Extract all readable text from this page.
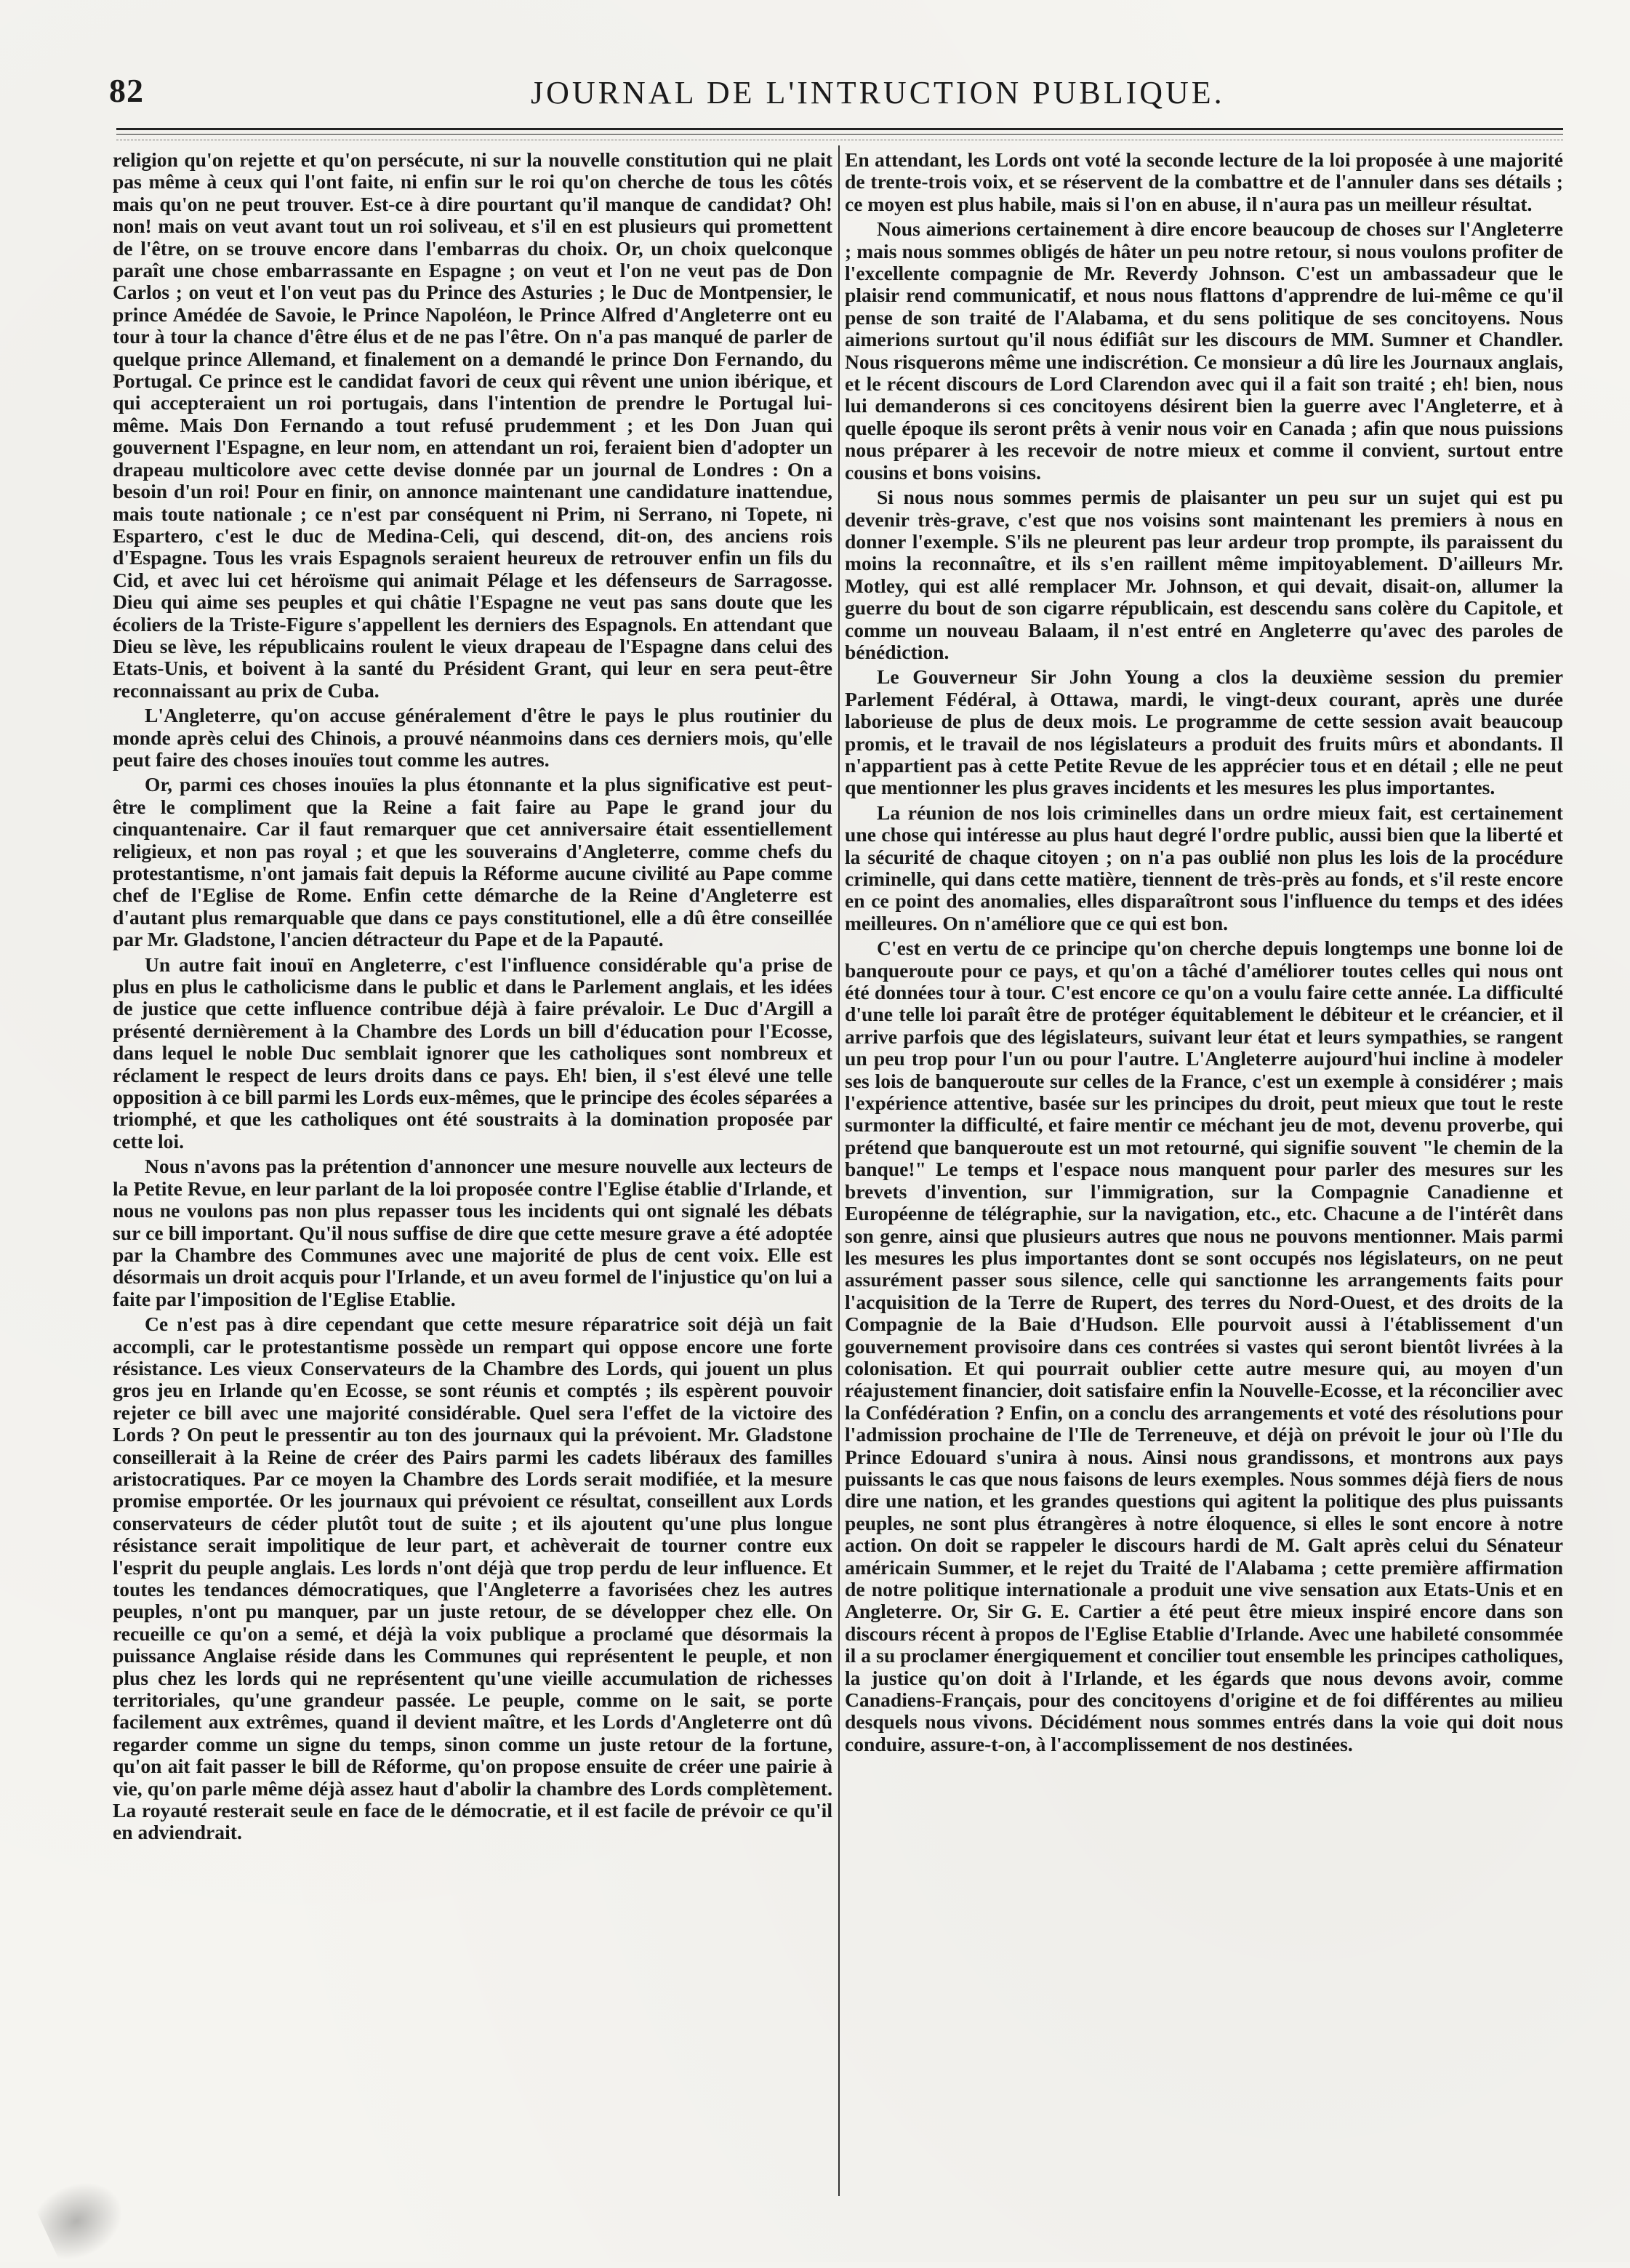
82	JOURNAL DE L'INTRUCTION PUBLIQUE.

religion qu'on rejette et qu'on persécute, ni sur la nouvelle constitution qui ne plait pas même à ceux qui l'ont faite, ni enfin sur le roi qu'on cherche de tous les côtés mais qu'on ne peut trouver. Est-ce à dire pourtant qu'il manque de candidat? Oh! non! mais on veut avant tout un roi soliveau, et s'il en est plusieurs qui promettent de l'être, on se trouve encore dans l'embarras du choix. Or, un choix quelconque paraît une chose embarrassante en Espagne ; on veut et l'on ne veut pas de Don Carlos ; on veut et l'on veut pas du Prince des Asturies ; le Duc de Montpensier, le prince Amédée de Savoie, le Prince Napoléon, le Prince Alfred d'Angleterre ont eu tour à tour la chance d'être élus et de ne pas l'être. On n'a pas manqué de parler de quelque prince Allemand, et finalement on a demandé le prince Don Fernando, du Portugal. Ce prince est le candidat favori de ceux qui rêvent une union ibérique, et qui accepteraient un roi portugais, dans l'intention de prendre le Portugal lui-même. Mais Don Fernando a tout refusé prudemment ; et les Don Juan qui gouvernent l'Espagne, en leur nom, en attendant un roi, feraient bien d'adopter un drapeau multicolore avec cette devise donnée par un journal de Londres : On a besoin d'un roi! Pour en finir, on annonce maintenant une candidature inattendue, mais toute nationale ; ce n'est par conséquent ni Prim, ni Serrano, ni Topete, ni Espartero, c'est le duc de Medina-Celi, qui descend, dit-on, des anciens rois d'Espagne. Tous les vrais Espagnols seraient heureux de retrouver enfin un fils du Cid, et avec lui cet héroïsme qui animait Pélage et les défenseurs de Sarragosse. Dieu qui aime ses peuples et qui châtie l'Espagne ne veut pas sans doute que les écoliers de la Triste-Figure s'appellent les derniers des Espagnols. En attendant que Dieu se lève, les républicains roulent le vieux drapeau de l'Espagne dans celui des Etats-Unis, et boivent à la santé du Président Grant, qui leur en sera peut-être reconnaissant au prix de Cuba.

L'Angleterre, qu'on accuse généralement d'être le pays le plus routinier du monde après celui des Chinois, a prouvé néanmoins dans ces derniers mois, qu'elle peut faire des choses inouïes tout comme les autres.

Or, parmi ces choses inouïes la plus étonnante et la plus significative est peut-être le compliment que la Reine a fait faire au Pape le grand jour du cinquantenaire. Car il faut remarquer que cet anniversaire était essentiellement religieux, et non pas royal ; et que les souverains d'Angleterre, comme chefs du protestantisme, n'ont jamais fait depuis la Réforme aucune civilité au Pape comme chef de l'Eglise de Rome. Enfin cette démarche de la Reine d'Angleterre est d'autant plus remarquable que dans ce pays constitutionel, elle a dû être conseillée par Mr. Gladstone, l'ancien détracteur du Pape et de la Papauté.

Un autre fait inouï en Angleterre, c'est l'influence considérable qu'a prise de plus en plus le catholicisme dans le public et dans le Parlement anglais, et les idées de justice que cette influence contribue déjà à faire prévaloir. Le Duc d'Argill a présenté dernièrement à la Chambre des Lords un bill d'éducation pour l'Ecosse, dans lequel le noble Duc semblait ignorer que les catholiques sont nombreux et réclament le respect de leurs droits dans ce pays. Eh! bien, il s'est élevé une telle opposition à ce bill parmi les Lords eux-mêmes, que le principe des écoles séparées a triomphé, et que les catholiques ont été soustraits à la domination proposée par cette loi.

Nous n'avons pas la prétention d'annoncer une mesure nouvelle aux lecteurs de la Petite Revue, en leur parlant de la loi proposée contre l'Eglise établie d'Irlande, et nous ne voulons pas non plus repasser tous les incidents qui ont signalé les débats sur ce bill important. Qu'il nous suffise de dire que cette mesure grave a été adoptée par la Chambre des Communes avec une majorité de plus de cent voix. Elle est désormais un droit acquis pour l'Irlande, et un aveu formel de l'injustice qu'on lui a faite par l'imposition de l'Eglise Etablie.

Ce n'est pas à dire cependant que cette mesure réparatrice soit déjà un fait accompli, car le protestantisme possède un rempart qui oppose encore une forte résistance. Les vieux Conservateurs de la Chambre des Lords, qui jouent un plus gros jeu en Irlande qu'en Ecosse, se sont réunis et comptés ; ils espèrent pouvoir rejeter ce bill avec une majorité considérable. Quel sera l'effet de la victoire des Lords ? On peut le pressentir au ton des journaux qui la prévoient. Mr. Gladstone conseillerait à la Reine de créer des Pairs parmi les cadets libéraux des familles aristocratiques. Par ce moyen la Chambre des Lords serait modifiée, et la mesure promise emportée. Or les journaux qui prévoient ce résultat, conseillent aux Lords conservateurs de céder plutôt tout de suite ; et ils ajoutent qu'une plus longue résistance serait impolitique de leur part, et achèverait de tourner contre eux l'esprit du peuple anglais. Les lords n'ont déjà que trop perdu de leur influence. Et toutes les tendances démocratiques, que l'Angleterre a favorisées chez les autres peuples, n'ont pu manquer, par un juste retour, de se développer chez elle. On recueille ce qu'on a semé, et déjà la voix publique a proclamé que désormais la puissance Anglaise réside dans les Communes qui représentent le peuple, et non plus chez les lords qui ne représentent qu'une vieille accumulation de richesses territoriales, qu'une grandeur passée. Le peuple, comme on le sait, se porte facilement aux extrêmes, quand il devient maître, et les Lords d'Angleterre ont dû regarder comme un signe du temps, sinon comme un juste retour de la fortune, qu'on ait fait passer le bill de Réforme, qu'on propose ensuite de créer une pairie à vie, qu'on parle même déjà assez haut d'abolir la chambre des Lords complètement. La royauté resterait seule en face de le démocratie, et il est facile de prévoir ce qu'il en adviendrait.

En attendant, les Lords ont voté la seconde lecture de la loi proposée à une majorité de trente-trois voix, et se réservent de la combattre et de l'annuler dans ses détails ; ce moyen est plus habile, mais si l'on en abuse, il n'aura pas un meilleur résultat.

Nous aimerions certainement à dire encore beaucoup de choses sur l'Angleterre ; mais nous sommes obligés de hâter un peu notre retour, si nous voulons profiter de l'excellente compagnie de Mr. Reverdy Johnson. C'est un ambassadeur que le plaisir rend communicatif, et nous nous flattons d'apprendre de lui-même ce qu'il pense de son traité de l'Alabama, et du sens politique de ses concitoyens. Nous aimerions surtout qu'il nous édifiât sur les discours de MM. Sumner et Chandler. Nous risquerons même une indiscrétion. Ce monsieur a dû lire les Journaux anglais, et le récent discours de Lord Clarendon avec qui il a fait son traité ; eh! bien, nous lui demanderons si ces concitoyens désirent bien la guerre avec l'Angleterre, et à quelle époque ils seront prêts à venir nous voir en Canada ; afin que nous puissions nous préparer à les recevoir de notre mieux et comme il convient, surtout entre cousins et bons voisins.

Si nous nous sommes permis de plaisanter un peu sur un sujet qui est pu devenir très-grave, c'est que nos voisins sont maintenant les premiers à nous en donner l'exemple. S'ils ne pleurent pas leur ardeur trop prompte, ils paraissent du moins la reconnaître, et ils s'en raillent même impitoyablement. D'ailleurs Mr. Motley, qui est allé remplacer Mr. Johnson, et qui devait, disait-on, allumer la guerre du bout de son cigarre républicain, est descendu sans colère du Capitole, et comme un nouveau Balaam, il n'est entré en Angleterre qu'avec des paroles de bénédiction.

Le Gouverneur Sir John Young a clos la deuxième session du premier Parlement Fédéral, à Ottawa, mardi, le vingt-deux courant, après une durée laborieuse de plus de deux mois. Le programme de cette session avait beaucoup promis, et le travail de nos législateurs a produit des fruits mûrs et abondants. Il n'appartient pas à cette Petite Revue de les apprécier tous et en détail ; elle ne peut que mentionner les plus graves incidents et les mesures les plus importantes.

La réunion de nos lois criminelles dans un ordre mieux fait, est certainement une chose qui intéresse au plus haut degré l'ordre public, aussi bien que la liberté et la sécurité de chaque citoyen ; on n'a pas oublié non plus les lois de la procédure criminelle, qui dans cette matière, tiennent de très-près au fonds, et s'il reste encore en ce point des anomalies, elles disparaîtront sous l'influence du temps et des idées meilleures. On n'améliore que ce qui est bon.

C'est en vertu de ce principe qu'on cherche depuis longtemps une bonne loi de banqueroute pour ce pays, et qu'on a tâché d'améliorer toutes celles qui nous ont été données tour à tour. C'est encore ce qu'on a voulu faire cette année. La difficulté d'une telle loi paraît être de protéger équitablement le débiteur et le créancier, et il arrive parfois que des législateurs, suivant leur état et leurs sympathies, se rangent un peu trop pour l'un ou pour l'autre. L'Angleterre aujourd'hui incline à modeler ses lois de banqueroute sur celles de la France, c'est un exemple à considérer ; mais l'expérience attentive, basée sur les principes du droit, peut mieux que tout le reste surmonter la difficulté, et faire mentir ce méchant jeu de mot, devenu proverbe, qui prétend que banqueroute est un mot retourné, qui signifie souvent "le chemin de la banque!" Le temps et l'espace nous manquent pour parler des mesures sur les brevets d'invention, sur l'immigration, sur la Compagnie Canadienne et Européenne de télégraphie, sur la navigation, etc., etc. Chacune a de l'intérêt dans son genre, ainsi que plusieurs autres que nous ne pouvons mentionner. Mais parmi les mesures les plus importantes dont se sont occupés nos législateurs, on ne peut assurément passer sous silence, celle qui sanctionne les arrangements faits pour l'acquisition de la Terre de Rupert, des terres du Nord-Ouest, et des droits de la Compagnie de la Baie d'Hudson. Elle pourvoit aussi à l'établissement d'un gouvernement provisoire dans ces contrées si vastes qui seront bientôt livrées à la colonisation. Et qui pourrait oublier cette autre mesure qui, au moyen d'un réajustement financier, doit satisfaire enfin la Nouvelle-Ecosse, et la réconcilier avec la Confédération ? Enfin, on a conclu des arrangements et voté des résolutions pour l'admission prochaine de l'Ile de Terreneuve, et déjà on prévoit le jour où l'Ile du Prince Edouard s'unira à nous. Ainsi nous grandissons, et montrons aux pays puissants le cas que nous faisons de leurs exemples. Nous sommes déjà fiers de nous dire une nation, et les grandes questions qui agitent la politique des plus puissants peuples, ne sont plus étrangères à notre éloquence, si elles le sont encore à notre action. On doit se rappeler le discours hardi de M. Galt après celui du Sénateur américain Summer, et le rejet du Traité de l'Alabama ; cette première affirmation de notre politique internationale a produit une vive sensation aux Etats-Unis et en Angleterre. Or, Sir G. E. Cartier a été peut être mieux inspiré encore dans son discours récent à propos de l'Eglise Etablie d'Irlande. Avec une habileté consommée il a su proclamer énergiquement et concilier tout ensemble les principes catholiques, la justice qu'on doit à l'Irlande, et les égards que nous devons avoir, comme Canadiens-Français, pour des concitoyens d'origine et de foi différentes au milieu desquels nous vivons. Décidément nous sommes entrés dans la voie qui doit nous conduire, assure-t-on, à l'accomplissement de nos destinées.
